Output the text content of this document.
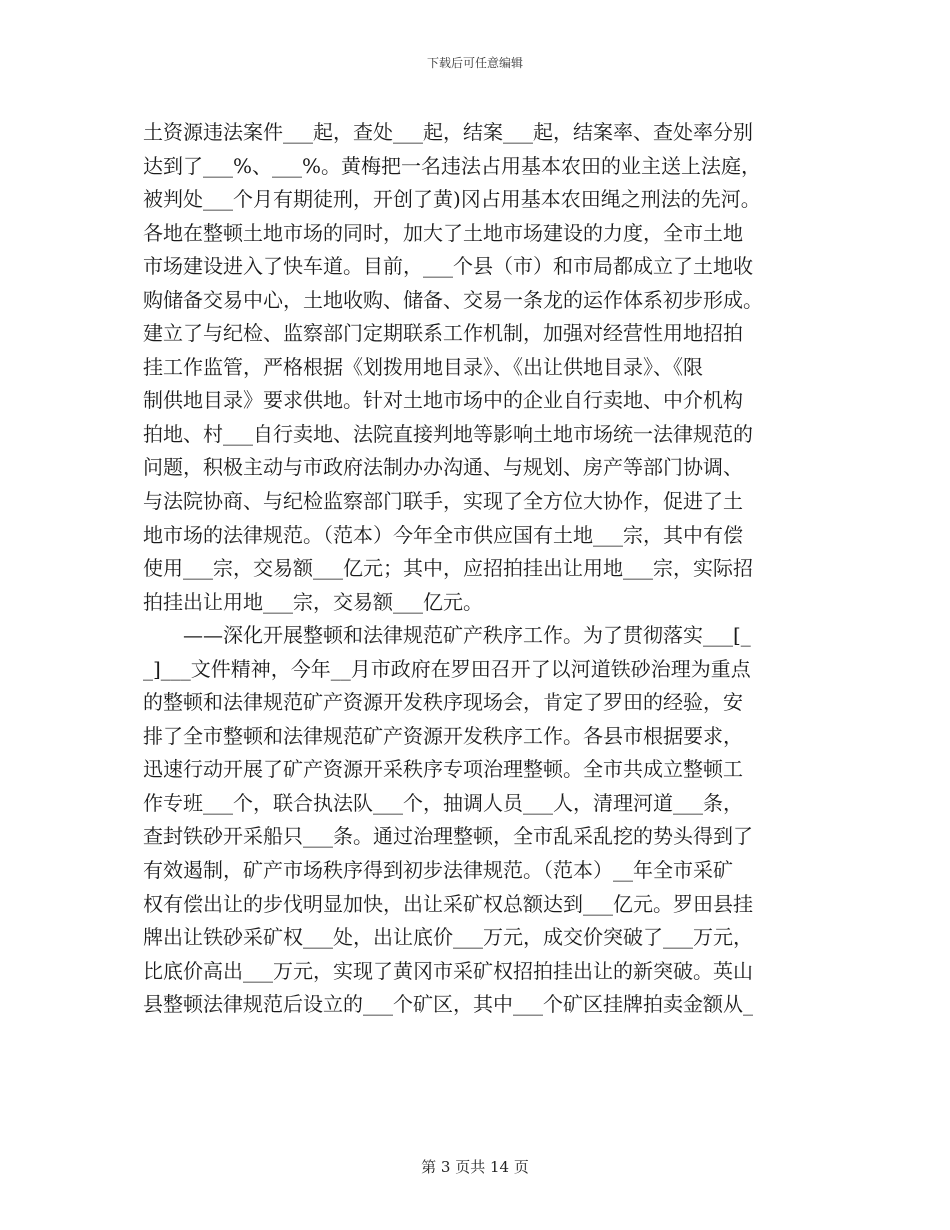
下载后可任意编辑
土资源违法案件___起，查处___起，结案___起，结案率、查处率分别
达到了___%、___%。黄梅把一名违法占用基本农田的业主送上法庭，
被判处___个月有期徒刑，开创了黄)冈占用基本农田绳之刑法的先河。
各地在整顿土地市场的同时，加大了土地市场建设的力度，全市土地
市场建设进入了快车道。目前，___个县（市）和市局都成立了土地收
购储备交易中心，土地收购、储备、交易一条龙的运作体系初步形成。
建立了与纪检、监察部门定期联系工作机制，加强对经营性用地招拍
挂工作监管，严格根据《划拨用地目录》、《出让供地目录》、《限
制供地目录》要求供地。针对土地市场中的企业自行卖地、中介机构
拍地、村___自行卖地、法院直接判地等影响土地市场统一法律规范的
问题，积极主动与市政府法制办办沟通、与规划、房产等部门协调、
与法院协商、与纪检监察部门联手，实现了全方位大协作，促进了土
地市场的法律规范。（范本）今年全市供应国有土地___宗，其中有偿
使用___宗，交易额___亿元；其中，应招拍挂出让用地___宗，实际招
拍挂出让用地___宗，交易额___亿元。
　　——深化开展整顿和法律规范矿产秩序工作。为了贯彻落实___[_
_]___文件精神，今年__月市政府在罗田召开了以河道铁砂治理为重点
的整顿和法律规范矿产资源开发秩序现场会，肯定了罗田的经验，安
排了全市整顿和法律规范矿产资源开发秩序工作。各县市根据要求，
迅速行动开展了矿产资源开采秩序专项治理整顿。全市共成立整顿工
作专班___个，联合执法队___个，抽调人员___人，清理河道___条，
查封铁砂开采船只___条。通过治理整顿，全市乱采乱挖的势头得到了
有效遏制，矿产市场秩序得到初步法律规范。（范本）__年全市采矿
权有偿出让的步伐明显加快，出让采矿权总额达到___亿元。罗田县挂
牌出让铁砂采矿权___处，出让底价___万元，成交价突破了___万元，
比底价高出___万元，实现了黄冈市采矿权招拍挂出让的新突破。英山
县整顿法律规范后设立的___个矿区，其中___个矿区挂牌拍卖金额从_
第 3 页共 14 页
